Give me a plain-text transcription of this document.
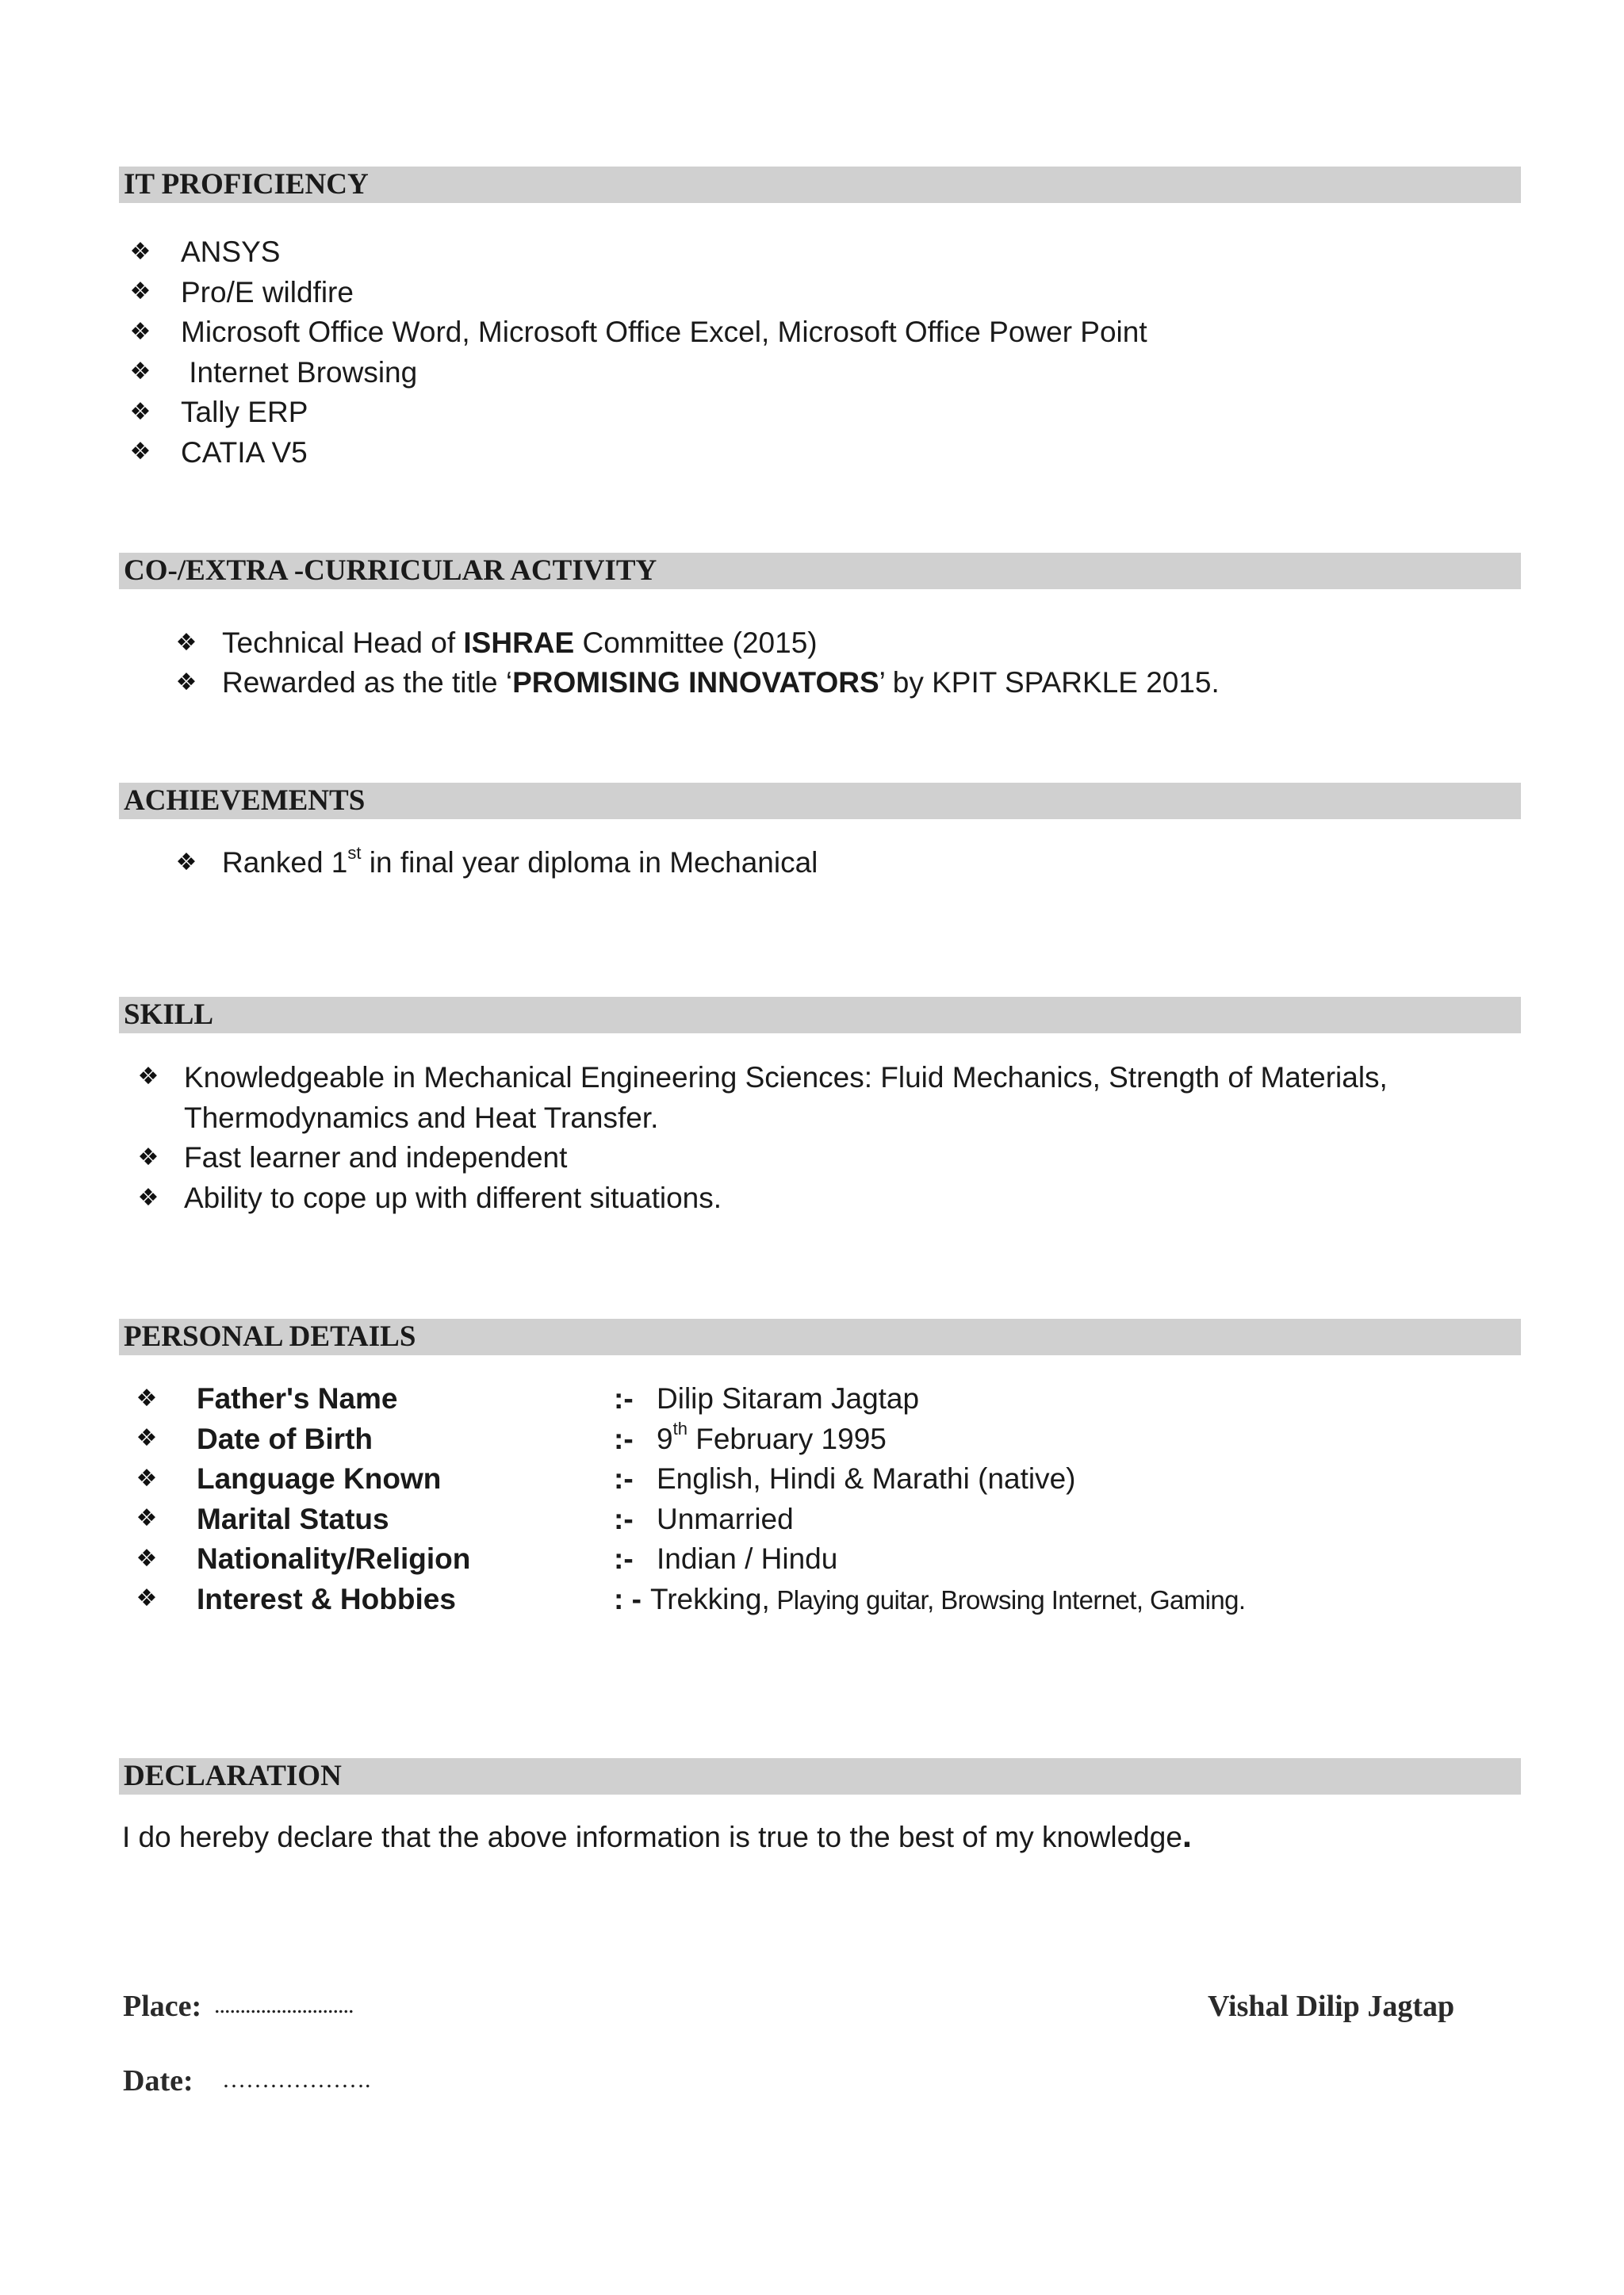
IT PROFICIENCY
❖ ANSYS
❖ Pro/E wildfire
❖ Microsoft Office Word, Microsoft Office Excel, Microsoft Office Power Point
❖ Internet Browsing
❖ Tally ERP
❖ CATIA V5
CO-/EXTRA -CURRICULAR ACTIVITY
❖ Technical Head of ISHRAE Committee (2015)
❖ Rewarded as the title ‘PROMISING INNOVATORS’ by KPIT SPARKLE 2015.
ACHIEVEMENTS
❖ Ranked 1st in final year diploma in Mechanical
SKILL
❖ Knowledgeable in Mechanical Engineering Sciences: Fluid Mechanics, Strength of Materials, Thermodynamics and Heat Transfer.
❖ Fast learner and independent
❖ Ability to cope up with different situations.
PERSONAL DETAILS
❖ Father's Name	:- Dilip Sitaram Jagtap
❖ Date of Birth	:- 9th February 1995
❖ Language Known	:- English, Hindi & Marathi (native)
❖ Marital Status	:- Unmarried
❖ Nationality/Religion	:- Indian / Hindu
❖ Interest & Hobbies	: - Trekking, Playing guitar, Browsing Internet, Gaming.
DECLARATION
I do hereby declare that the above information is true to the best of my knowledge.
Place: ...........................
Date: ……………….
Vishal Dilip Jagtap
